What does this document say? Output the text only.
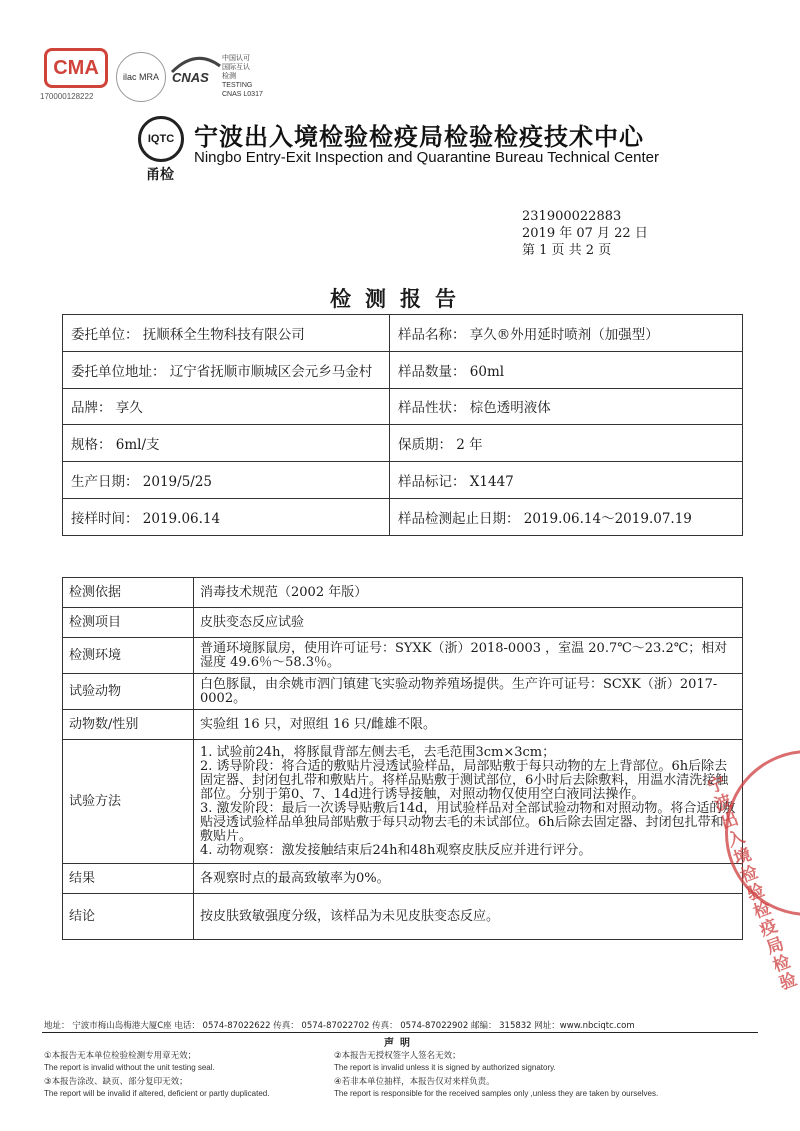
CMA
170000128222
ilac MRA	CNAS
中国认可
国际互认
检测
TESTING
CNAS L0317
IQTC
甬检
宁波出入境检验检疫局检验检疫技术中心
Ningbo Entry-Exit Inspection and Quarantine Bureau Technical Center
231900022883
2019 年 07 月 22 日
第 1 页 共 2 页
检测报告
委托单位： 抚顺秝全生物科技有限公司	样品名称： 享久®外用延时喷剂（加强型）
委托单位地址： 辽宁省抚顺市顺城区会元乡马金村	样品数量： 60ml
品牌： 享久	样品性状： 棕色透明液体
规格： 6ml/支	保质期： 2 年
生产日期： 2019/5/25	样品标记： X1447
接样时间： 2019.06.14	样品检测起止日期： 2019.06.14～2019.07.19
检测依据	消毒技术规范（2002 年版）
检测项目	皮肤变态反应试验
检测环境	普通环境豚鼠房，使用许可证号：SYXK（浙）2018-0003 ，室温 20.7℃～23.2℃；相对湿度 49.6％～58.3％。
试验动物	白色豚鼠，由余姚市泗门镇建飞实验动物养殖场提供。生产许可证号：SCXK（浙）2017-0002。
动物数/性别	实验组 16 只，对照组 16 只/雌雄不限。
试验方法	1. 试验前24h，将豚鼠背部左侧去毛，去毛范围3cm×3cm；
2. 诱导阶段：将合适的敷贴片浸透试验样品，局部贴敷于每只动物的左上背部位。6h后除去固定器、封闭包扎带和敷贴片。将样品贴敷于测试部位，6小时后去除敷料，用温水清洗接触部位。分别于第0、7、14d进行诱导接触，对照动物仅使用空白液同法操作。
3. 激发阶段：最后一次诱导贴敷后14d，用试验样品对全部试验动物和对照动物。将合适的敷贴浸透试验样品单独局部贴敷于每只动物去毛的未试部位。6h后除去固定器、封闭包扎带和敷贴片。
4. 动物观察：激发接触结束后24h和48h观察皮肤反应并进行评分。

结果	各观察时点的最高致敏率为0%。
结论	按皮肤致敏强度分级，该样品为未见皮肤变态反应。	宁波出入境检验检疫局检验
地址： 宁波市梅山岛梅港大厦C座 电话： 0574-87022622 传真： 0574-87022702 传真： 0574-87022902 邮编： 315832 网址：www.nbciqtc.com
声明
①本报告无本单位检验检测专用章无效；
The report is invalid without the unit testing seal.
②本报告无授权签字人签名无效；
The report is invalid unless it is signed by authorized signatory.
③本报告涂改、缺页、部分复印无效；
The report will be invalid if altered, deficient or partly duplicated.
④若非本单位抽样，本报告仅对来样负责。
The report is responsible for the received samples only ,unless they are taken by ourselves.
